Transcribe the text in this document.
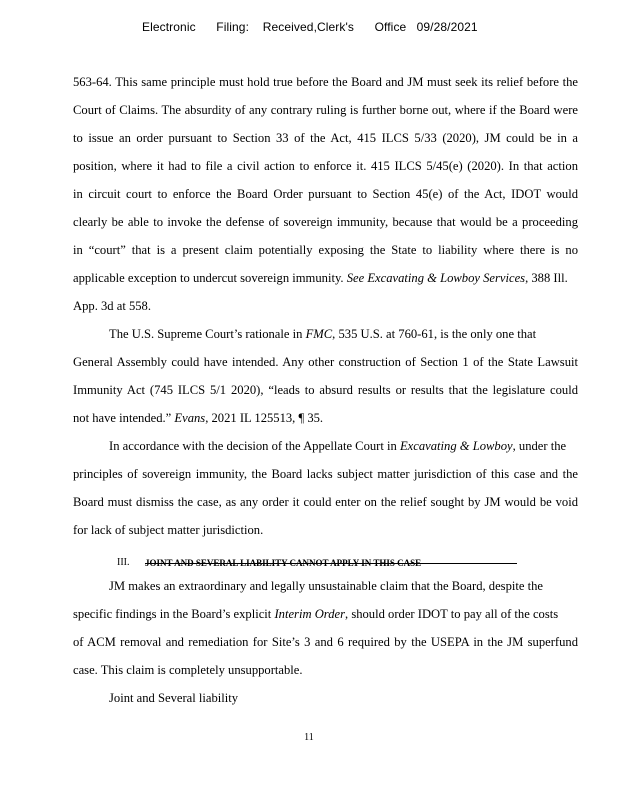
Electronic      Filing:    Received,Clerk's      Office   09/28/2021
563-64. This same principle must hold true before the Board and JM must seek its relief before the
Court of Claims. The absurdity of any contrary ruling is further borne out, where if the Board were
to issue an order pursuant to Section 33 of the Act, 415 ILCS 5/33 (2020), JM could be in a
position, where it had to file a civil action to enforce it. 415 ILCS 5/45(e) (2020). In that action
in circuit court to enforce the Board Order pursuant to Section 45(e) of the Act, IDOT would
clearly be able to invoke the defense of sovereign immunity, because that would be a proceeding
in “court” that is a present claim potentially exposing the State to liability where there is no
applicable exception to undercut sovereign immunity. See Excavating & Lowboy Services, 388 Ill.
App. 3d at 558.
The U.S. Supreme Court’s rationale in FMC, 535 U.S. at 760-61, is the only one that
General Assembly could have intended. Any other construction of Section 1 of the State Lawsuit
Immunity Act (745 ILCS 5/1 2020), “leads to absurd results or results that the legislature could
not have intended.” Evans, 2021 IL 125513, ¶ 35.
In accordance with the decision of the Appellate Court in Excavating & Lowboy, under the
principles of sovereign immunity, the Board lacks subject matter jurisdiction of this case and the
Board must dismiss the case, as any order it could enter on the relief sought by JM would be void
for lack of subject matter jurisdiction.
III. JOINT AND SEVERAL LIABILITY CANNOT APPLY IN THIS CASE
JM makes an extraordinary and legally unsustainable claim that the Board, despite the
specific findings in the Board’s explicit Interim Order, should order IDOT to pay all of the costs
of ACM removal and remediation for Site’s 3 and 6 required by the USEPA in the JM superfund
case. This claim is completely unsupportable.
Joint and Several liability
11
